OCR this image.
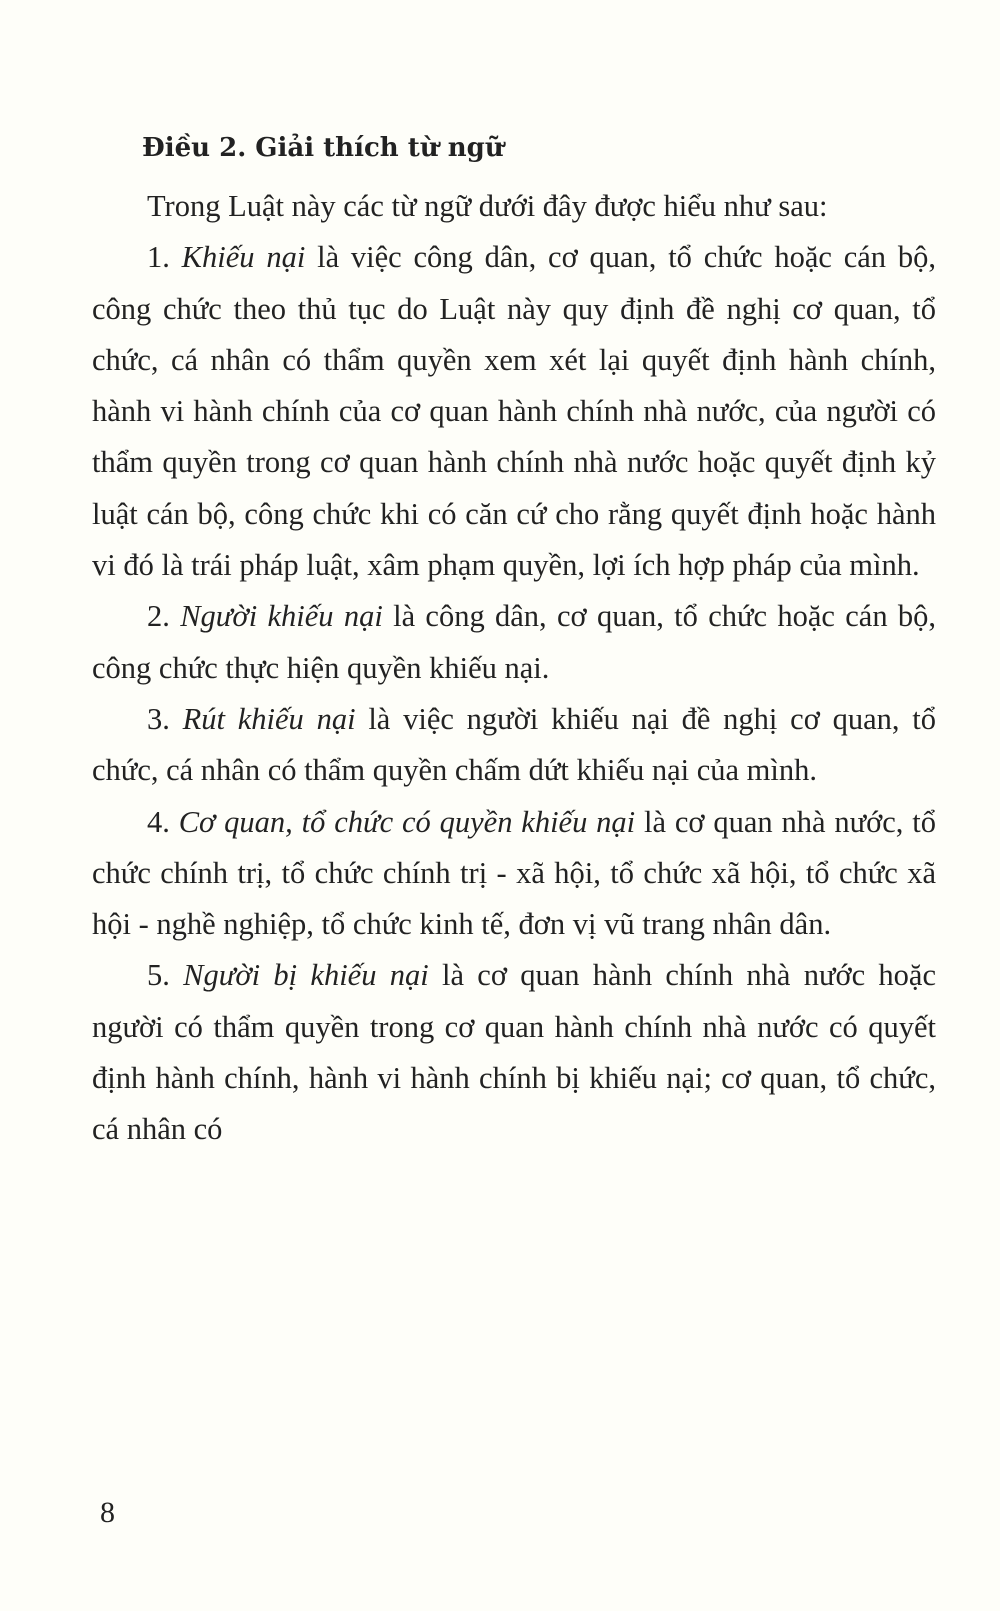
Điều 2. Giải thích từ ngữ

Trong Luật này các từ ngữ dưới đây được hiểu như sau:

1. Khiếu nại là việc công dân, cơ quan, tổ chức hoặc cán bộ, công chức theo thủ tục do Luật này quy định đề nghị cơ quan, tổ chức, cá nhân có thẩm quyền xem xét lại quyết định hành chính, hành vi hành chính của cơ quan hành chính nhà nước, của người có thẩm quyền trong cơ quan hành chính nhà nước hoặc quyết định kỷ luật cán bộ, công chức khi có căn cứ cho rằng quyết định hoặc hành vi đó là trái pháp luật, xâm phạm quyền, lợi ích hợp pháp của mình.

2. Người khiếu nại là công dân, cơ quan, tổ chức hoặc cán bộ, công chức thực hiện quyền khiếu nại.

3. Rút khiếu nại là việc người khiếu nại đề nghị cơ quan, tổ chức, cá nhân có thẩm quyền chấm dứt khiếu nại của mình.

4. Cơ quan, tổ chức có quyền khiếu nại là cơ quan nhà nước, tổ chức chính trị, tổ chức chính trị - xã hội, tổ chức xã hội, tổ chức xã hội - nghề nghiệp, tổ chức kinh tế, đơn vị vũ trang nhân dân.

5. Người bị khiếu nại là cơ quan hành chính nhà nước hoặc người có thẩm quyền trong cơ quan hành chính nhà nước có quyết định hành chính, hành vi hành chính bị khiếu nại; cơ quan, tổ chức, cá nhân có

8
